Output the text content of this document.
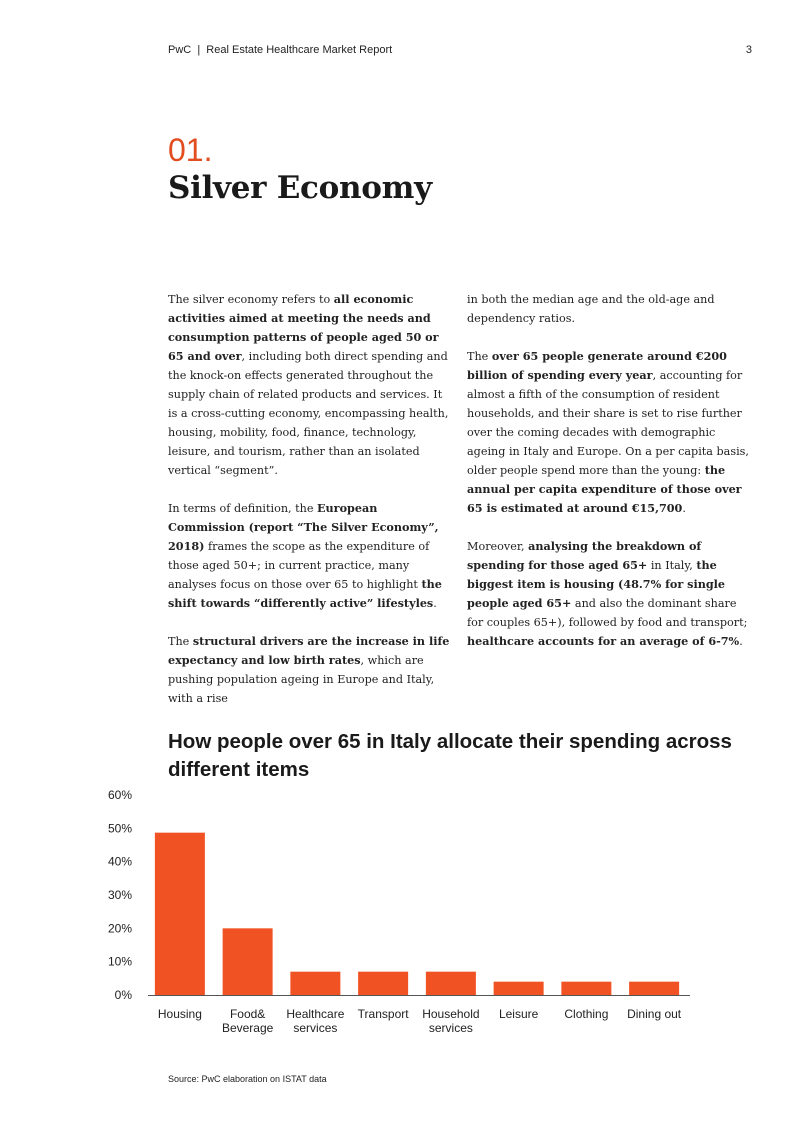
PwC  |  Real Estate Healthcare Market Report	3
01.
Silver Economy

The silver economy refers to all economic activities aimed at meeting the needs and consumption patterns of people aged 50 or 65 and over, including both direct spending and the knock-on effects generated throughout the supply chain of related products and services. It is a cross-cutting economy, encompassing health, housing, mobility, food, finance, technology, leisure, and tourism, rather than an isolated vertical “segment”.

In terms of definition, the European Commission (report “The Silver Economy”, 2018) frames the scope as the expenditure of those aged 50+; in current practice, many analyses focus on those over 65 to highlight the shift towards “differently active” lifestyles.

The structural drivers are the increase in life expectancy and low birth rates, which are pushing population ageing in Europe and Italy, with a rise

in both the median age and the old-age and dependency ratios.

The over 65 people generate around €200 billion of spending every year, accounting for almost a fifth of the consumption of resident households, and their share is set to rise further over the coming decades with demographic ageing in Italy and Europe. On a per capita basis, older people spend more than the young: the annual per capita expenditure of those over 65 is estimated at around €15,700.

Moreover, analysing the breakdown of spending for those aged 65+ in Italy, the biggest item is housing (48.7% for single people aged 65+ and also the dominant share for couples 65+), followed by food and transport; healthcare accounts for an average of 6-7%.

How people over 65 in Italy allocate their spending across different items
0%
10%
20%
30%
40%
50%
60%
Housing Food&
Beverage
Healthcare
services
Transport Household
services
Leisure Clothing Dining out
Source: PwC elaboration on ISTAT data
